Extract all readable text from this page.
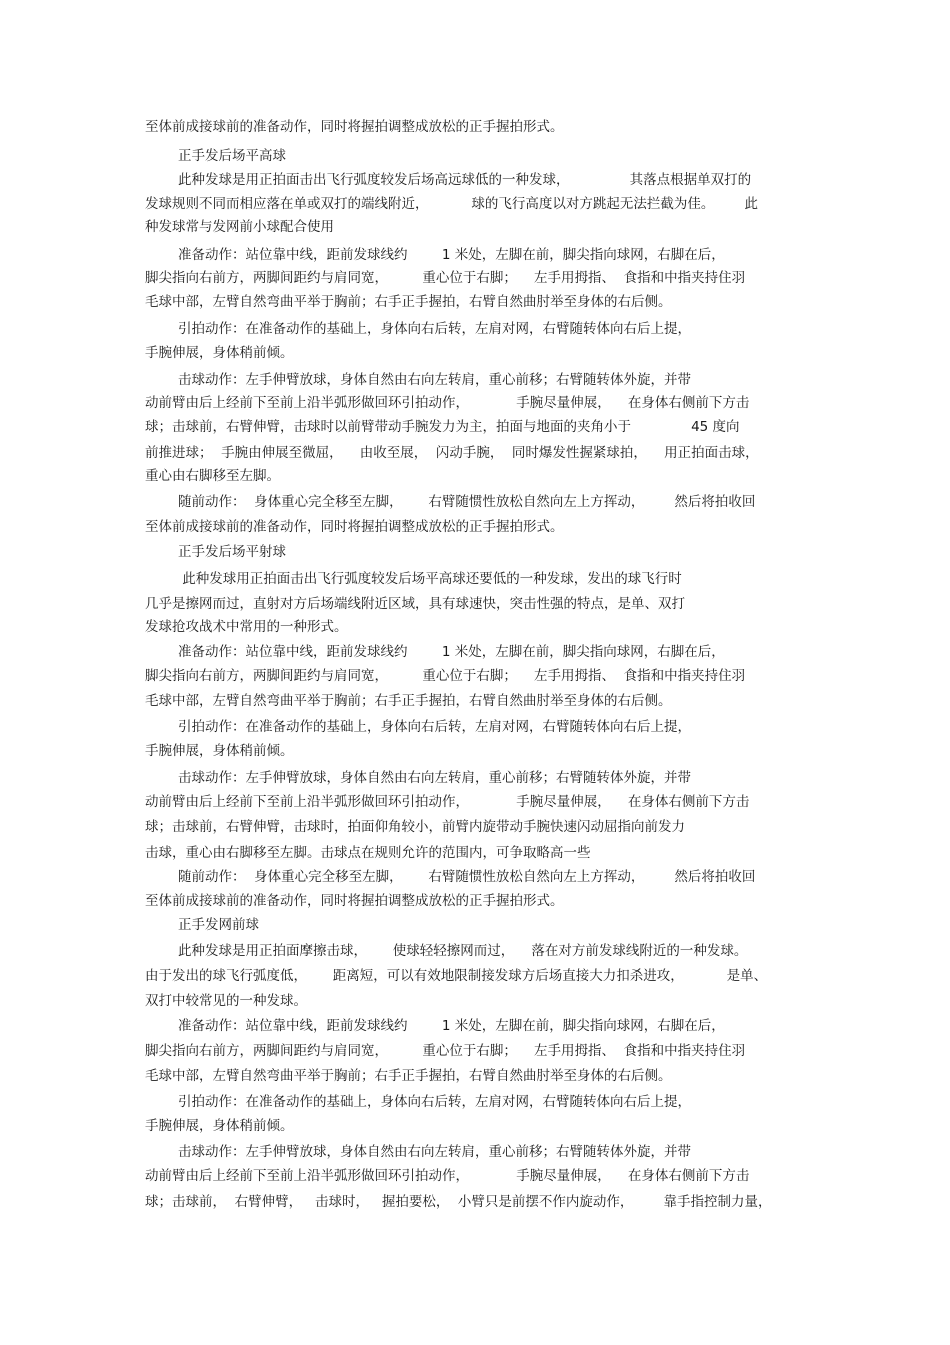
至体前成接球前的准备动作，同时将握拍调整成放松的正手握拍形式。
正手发后场平高球
此种发球是用正拍面击出飞行弧度较发后场高远球低的一种发球，              其落点根据单双打的
发球规则不同而相应落在单或双打的端线附近，          球的飞行高度以对方跳起无法拦截为佳。       此
种发球常与发网前小球配合使用
准备动作：站位靠中线，距前发球线约        1 米处，左脚在前，脚尖指向球网，右脚在后，
脚尖指向右前方，两脚间距约与肩同宽，        重心位于右脚；    左手用拇指、  食指和中指夹持住羽
毛球中部，左臂自然弯曲平举于胸前；右手正手握拍，右臂自然曲肘举至身体的右后侧。
引拍动作：在准备动作的基础上，身体向右后转，左肩对网，右臂随转体向右后上提，
手腕伸展，身体稍前倾。
击球动作：左手伸臂放球，身体自然由右向左转肩，重心前移；右臂随转体外旋，并带
动前臂由后上经前下至前上沿半弧形做回环引拍动作，           手腕尽量伸展，    在身体右侧前下方击
球；击球前，右臂伸臂，击球时以前臂带动手腕发力为主，拍面与地面的夹角小于              45 度向
前推进球；  手腕由伸展至微屈，    由收至展，  闪动手腕，  同时爆发性握紧球拍，    用正拍面击球，
重心由右脚移至左脚。
随前动作：  身体重心完全移至左脚，      右臂随惯性放松自然向左上方挥动，       然后将拍收回
至体前成接球前的准备动作，同时将握拍调整成放松的正手握拍形式。
正手发后场平射球
此种发球用正拍面击出飞行弧度较发后场平高球还要低的一种发球，发出的球飞行时
几乎是擦网而过，直射对方后场端线附近区域，具有球速快，突击性强的特点，是单、双打
发球抢攻战术中常用的一种形式。
准备动作：站位靠中线，距前发球线约        1 米处，左脚在前，脚尖指向球网，右脚在后，
脚尖指向右前方，两脚间距约与肩同宽，        重心位于右脚；    左手用拇指、  食指和中指夹持住羽
毛球中部，左臂自然弯曲平举于胸前；右手正手握拍，右臂自然曲肘举至身体的右后侧。
引拍动作：在准备动作的基础上，身体向右后转，左肩对网，右臂随转体向右后上提，
手腕伸展，身体稍前倾。
击球动作：左手伸臂放球，身体自然由右向左转肩，重心前移；右臂随转体外旋，并带
动前臂由后上经前下至前上沿半弧形做回环引拍动作，           手腕尽量伸展，    在身体右侧前下方击
球；击球前，右臂伸臂，击球时，拍面仰角较小，前臂内旋带动手腕快速闪动屈指向前发力
击球，重心由右脚移至左脚。击球点在规则允许的范围内，可争取略高一些
随前动作：  身体重心完全移至左脚，      右臂随惯性放松自然向左上方挥动，       然后将拍收回
至体前成接球前的准备动作，同时将握拍调整成放松的正手握拍形式。
正手发网前球
此种发球是用正拍面摩擦击球，      使球轻轻擦网而过，    落在对方前发球线附近的一种发球。
由于发出的球飞行弧度低，      距离短，可以有效地限制接发球方后场直接大力扣杀进攻，          是单、
双打中较常见的一种发球。
准备动作：站位靠中线，距前发球线约        1 米处，左脚在前，脚尖指向球网，右脚在后，
脚尖指向右前方，两脚间距约与肩同宽，        重心位于右脚；    左手用拇指、  食指和中指夹持住羽
毛球中部，左臂自然弯曲平举于胸前；右手正手握拍，右臂自然曲肘举至身体的右后侧。
引拍动作：在准备动作的基础上，身体向右后转，左肩对网，右臂随转体向右后上提，
手腕伸展，身体稍前倾。
击球动作：左手伸臂放球，身体自然由右向左转肩，重心前移；右臂随转体外旋，并带
动前臂由后上经前下至前上沿半弧形做回环引拍动作，           手腕尽量伸展，    在身体右侧前下方击
球；击球前，  右臂伸臂，   击球时，   握拍要松，  小臂只是前摆不作内旋动作，       靠手指控制力量，
